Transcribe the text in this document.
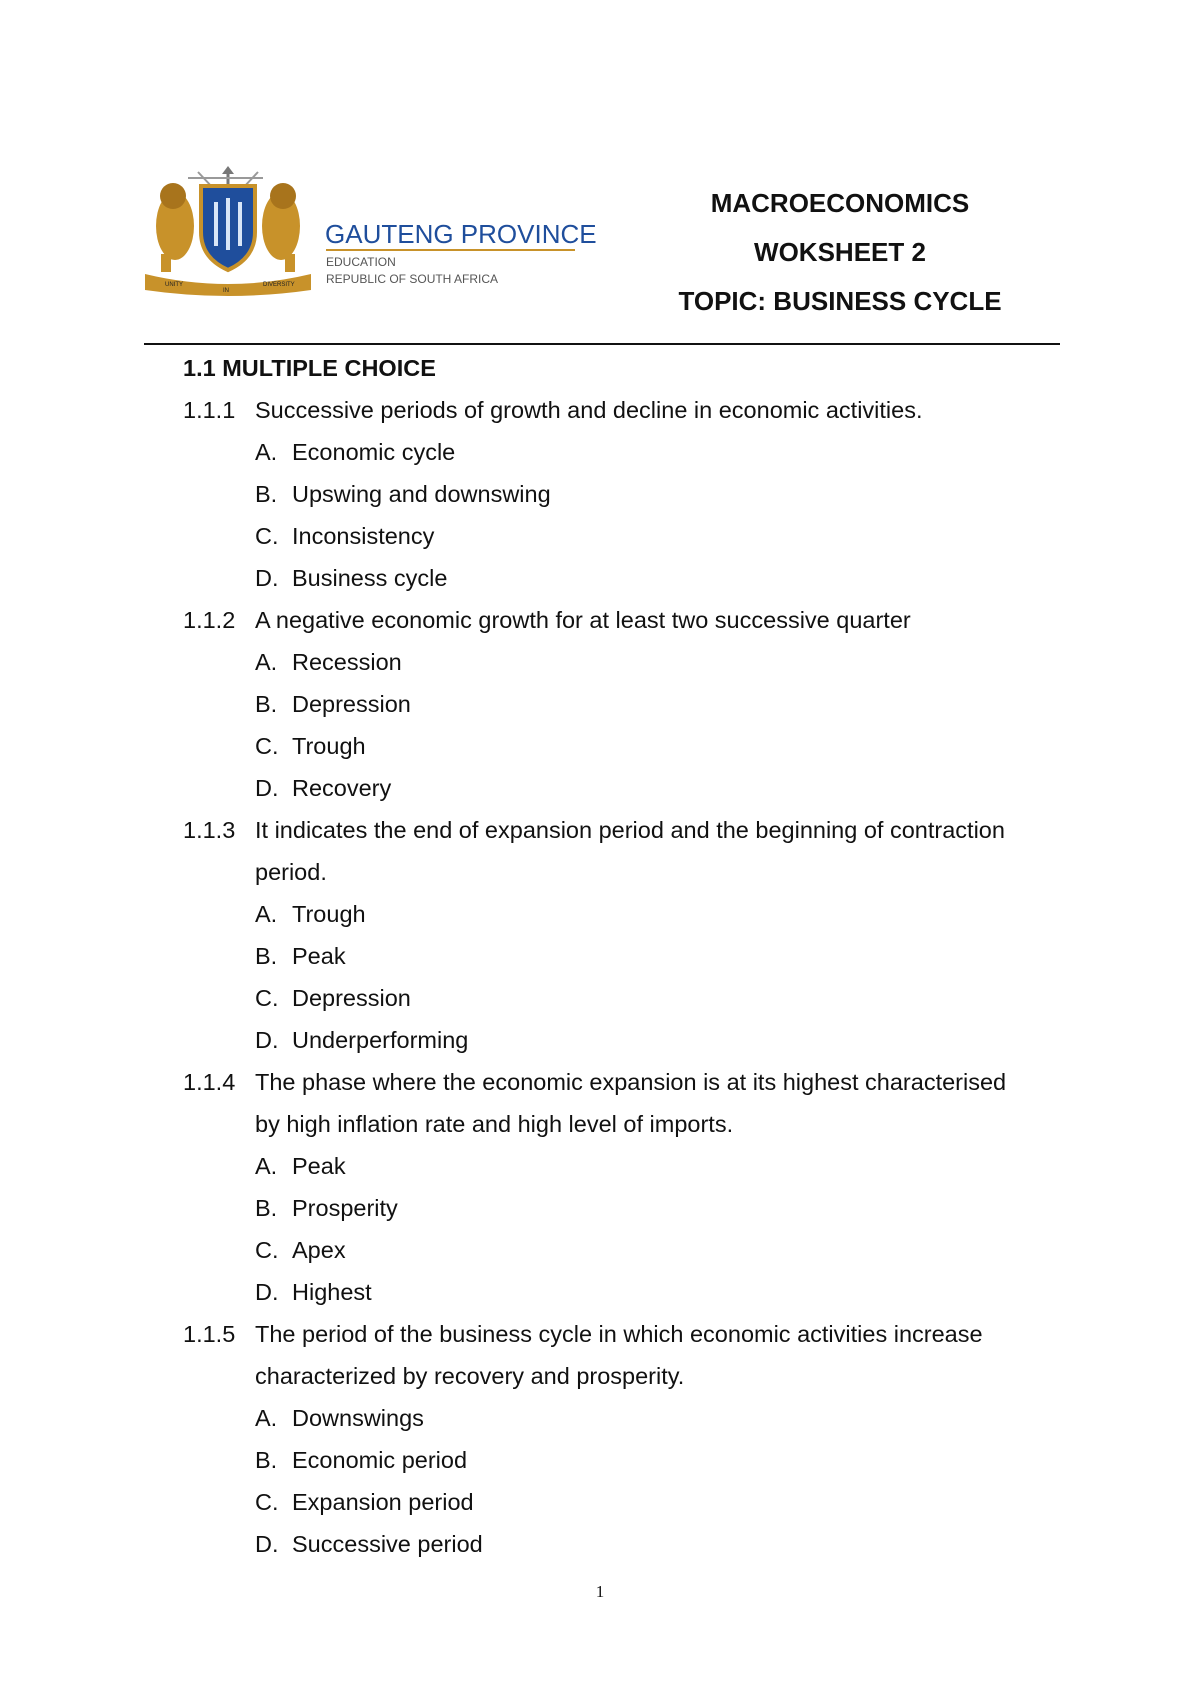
UNITY
IN
DIVERSITY
GAUTENG PROVINCE
EDUCATION
REPUBLIC OF SOUTH AFRICA
MACROECONOMICS
WOKSHEET 2
TOPIC: BUSINESS CYCLE
1.1 MULTIPLE CHOICE
1.1.1 Successive periods of growth and decline in economic activities.
A. Economic cycle
B. Upswing and downswing
C. Inconsistency
D. Business cycle
1.1.2 A negative economic growth for at least two successive quarter
A. Recession
B. Depression
C. Trough
D. Recovery
1.1.3 It indicates the end of expansion period and the beginning of contraction
period.
A. Trough
B. Peak
C. Depression
D. Underperforming
1.1.4 The phase where the economic expansion is at its highest characterised
by high inflation rate and high level of imports.
A. Peak
B. Prosperity
C. Apex
D. Highest
1.1.5 The period of the business cycle in which economic activities increase
characterized by recovery and prosperity.
A. Downswings
B. Economic period
C. Expansion period
D. Successive period
1
